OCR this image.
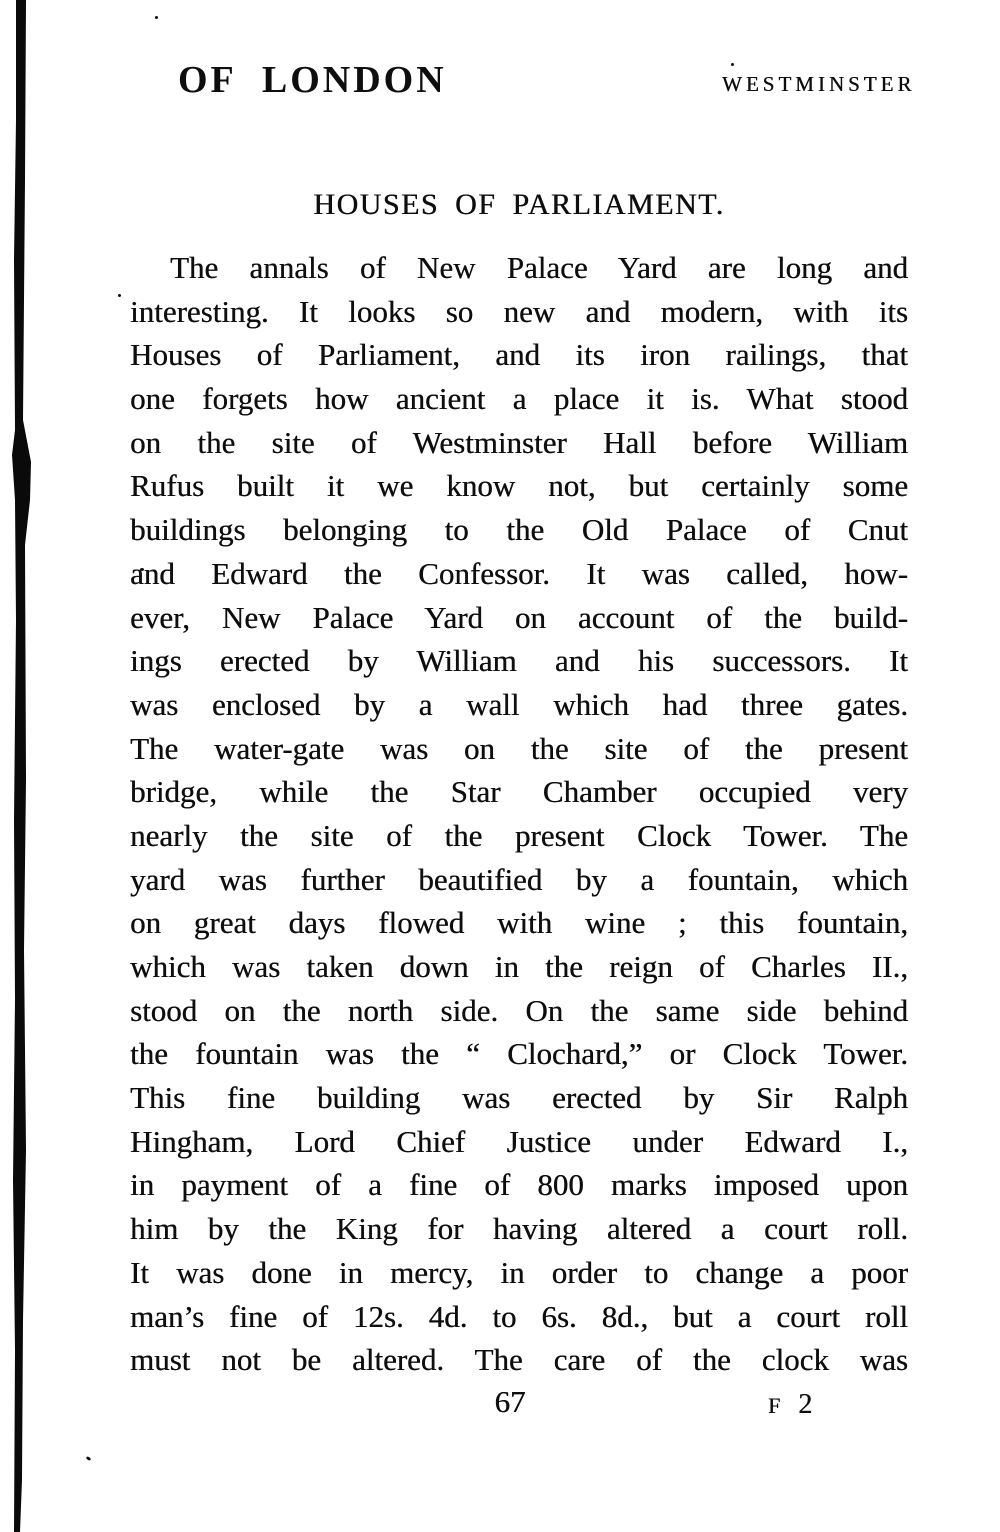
OF LONDON	WESTMINSTER
HOUSES OF PARLIAMENT.
The annals of New Palace Yard are long and
interesting. It looks so new and modern, with its
Houses of Parliament, and its iron railings, that
one forgets how ancient a place it is. What stood
on the site of Westminster Hall before William
Rufus built it we know not, but certainly some
buildings belonging to the Old Palace of Cnut
and Edward the Confessor. It was called, how-
ever, New Palace Yard on account of the build-
ings erected by William and his successors. It
was enclosed by a wall which had three gates.
The water-gate was on the site of the present
bridge, while the Star Chamber occupied very
nearly the site of the present Clock Tower. The
yard was further beautified by a fountain, which
on great days flowed with wine ; this fountain,
which was taken down in the reign of Charles II.,
stood on the north side. On the same side behind
the fountain was the “ Clochard,” or Clock Tower.
This fine building was erected by Sir Ralph
Hingham, Lord Chief Justice under Edward I.,
in payment of a fine of 800 marks imposed upon
him by the King for having altered a court roll.
It was done in mercy, in order to change a poor
man’s fine of 12s. 4d. to 6s. 8d., but a court roll
must not be altered. The care of the clock was
67	F 2
